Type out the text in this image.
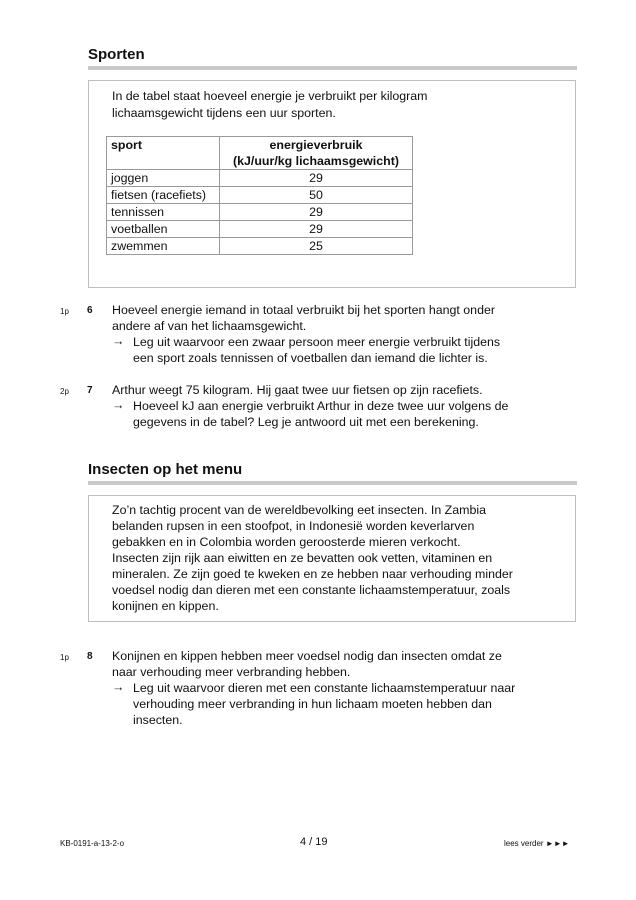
Sporten
In de tabel staat hoeveel energie je verbruikt per kilogram lichaamsgewicht tijdens een uur sporten.
sport	energieverbruik
(kJ/uur/kg lichaamsgewicht)

joggen	29
fietsen (racefiets)	50
tennissen	29
voetballen	29
zwemmen	25
1p 6 Hoeveel energie iemand in totaal verbruikt bij het sporten hangt onder
andere af van het lichaamsgewicht.
→ Leg uit waarvoor een zwaar persoon meer energie verbruikt tijdens
een sport zoals tennissen of voetballen dan iemand die lichter is.
2p 7 Arthur weegt 75 kilogram. Hij gaat twee uur fietsen op zijn racefiets.
→ Hoeveel kJ aan energie verbruikt Arthur in deze twee uur volgens de
gegevens in de tabel? Leg je antwoord uit met een berekening.
Insecten op het menu
Zo’n tachtig procent van de wereldbevolking eet insecten. In Zambia
belanden rupsen in een stoofpot, in Indonesië worden keverlarven
gebakken en in Colombia worden geroosterde mieren verkocht.
Insecten zijn rijk aan eiwitten en ze bevatten ook vetten, vitaminen en
mineralen. Ze zijn goed te kweken en ze hebben naar verhouding minder
voedsel nodig dan dieren met een constante lichaamstemperatuur, zoals
konijnen en kippen.
1p 8 Konijnen en kippen hebben meer voedsel nodig dan insecten omdat ze
naar verhouding meer verbranding hebben.
→ Leg uit waarvoor dieren met een constante lichaamstemperatuur naar
verhouding meer verbranding in hun lichaam moeten hebben dan
insecten.
KB-0191-a-13-2-o	4 / 19	lees verder ►►►
